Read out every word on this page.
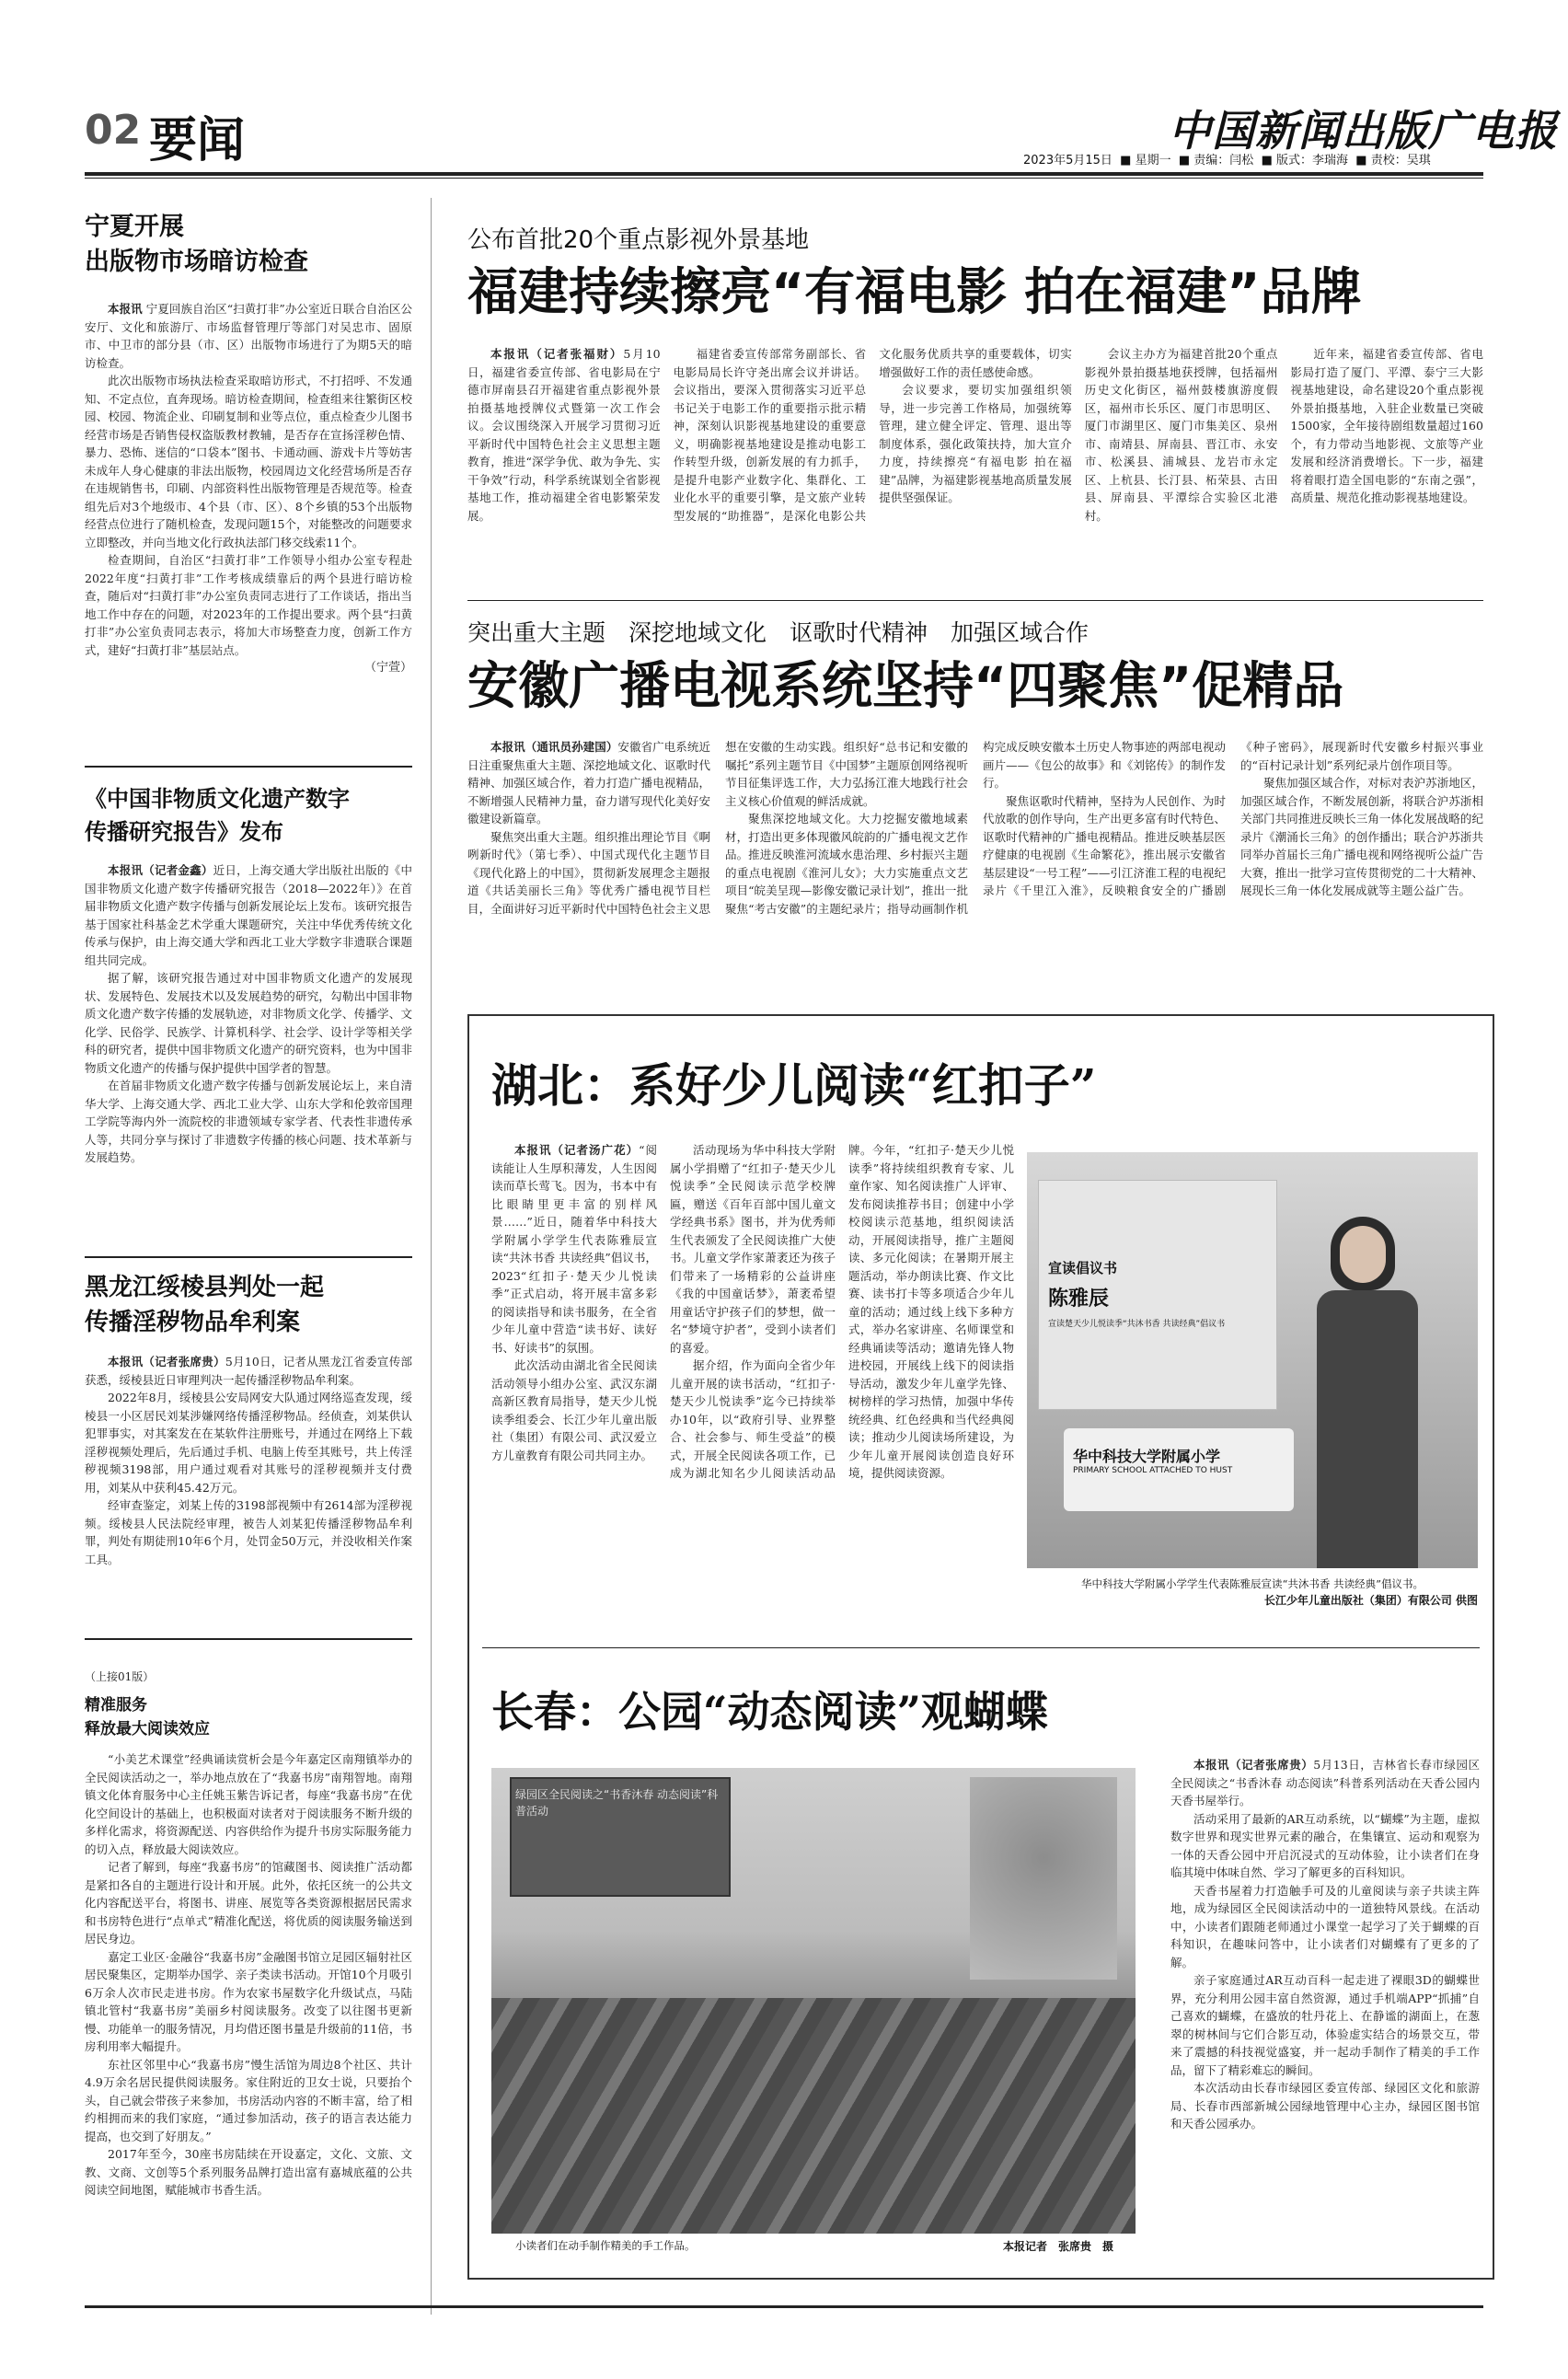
02 要闻	中国新闻出版广电报
2023年5月15日  ■ 星期一  ■ 责编：闫松  ■ 版式：李瑞海  ■ 责校：吴琪
宁夏开展
出版物市场暗访检查

本报讯 宁夏回族自治区“扫黄打非”办公室近日联合自治区公安厅、文化和旅游厅、市场监督管理厅等部门对吴忠市、固原市、中卫市的部分县（市、区）出版物市场进行了为期5天的暗访检查。

此次出版物市场执法检查采取暗访形式，不打招呼、不发通知、不定点位，直奔现场。暗访检查期间，检查组来往繁街区校园、校园、物流企业、印刷复制和业等点位，重点检查少儿图书经营市场是否销售侵权盗版教材教辅，是否存在宣扬淫秽色情、暴力、恐怖、迷信的“口袋本”图书、卡通动画、游戏卡片等妨害未成年人身心健康的非法出版物，校园周边文化经营场所是否存在违规销售书，印刷、内部资料性出版物管理是否规范等。检查组先后对3个地级市、4个县（市、区）、8个乡镇的53个出版物经营点位进行了随机检查，发现问题15个，对能整改的问题要求立即整改，并向当地文化行政执法部门移交线索11个。

检查期间，自治区“扫黄打非”工作领导小组办公室专程赴2022年度“扫黄打非”工作考核成绩靠后的两个县进行暗访检查，随后对“扫黄打非”办公室负责同志进行了工作谈话，指出当地工作中存在的问题，对2023年的工作提出要求。两个县“扫黄打非”办公室负责同志表示，将加大市场整查力度，创新工作方式，建好“扫黄打非”基层站点。

（宁萱）
《中国非物质文化遗产数字
传播研究报告》发布

本报讯（记者金鑫）近日，上海交通大学出版社出版的《中国非物质文化遗产数字传播研究报告（2018—2022年）》在首届非物质文化遗产数字传播与创新发展论坛上发布。该研究报告基于国家社科基金艺术学重大课题研究，关注中华优秀传统文化传承与保护，由上海交通大学和西北工业大学数字非遗联合课题组共同完成。

据了解，该研究报告通过对中国非物质文化遗产的发展现状、发展特色、发展技术以及发展趋势的研究，勾勒出中国非物质文化遗产数字传播的发展轨迹，对非物质文化学、传播学、文化学、民俗学、民族学、计算机科学、社会学、设计学等相关学科的研究者，提供中国非物质文化遗产的研究资料，也为中国非物质文化遗产的传播与保护提供中国学者的智慧。

在首届非物质文化遗产数字传播与创新发展论坛上，来自清华大学、上海交通大学、西北工业大学、山东大学和伦敦帝国理工学院等海内外一流院校的非遗领域专家学者、代表性非遗传承人等，共同分享与探讨了非遗数字传播的核心问题、技术革新与发展趋势。

黑龙江绥棱县判处一起
传播淫秽物品牟利案

本报讯（记者张席贵）5月10日，记者从黑龙江省委宣传部获悉，绥棱县近日审理判决一起传播淫秽物品牟利案。

2022年8月，绥棱县公安局网安大队通过网络巡查发现，绥棱县一小区居民刘某涉嫌网络传播淫秽物品。经侦查，刘某供认犯罪事实，对其案发在在某软件注册账号，并通过在网络上下载淫秽视频处理后，先后通过手机、电脑上传至其账号，共上传淫秽视频3198部，用户通过观看对其账号的淫秽视频并支付费用，刘某从中获利45.42万元。

经审查鉴定，刘某上传的3198部视频中有2614部为淫秽视频。绥棱县人民法院经审理，被告人刘某犯传播淫秽物品牟利罪，判处有期徒刑10年6个月，处罚金50万元，并没收相关作案工具。

（上接01版）
精准服务
释放最大阅读效应

“小美艺术课堂”经典诵读赏析会是今年嘉定区南翔镇举办的全民阅读活动之一，举办地点放在了“我嘉书房”南翔智地。南翔镇文化体育服务中心主任姚玉紫告诉记者，每座“我嘉书房”在优化空间设计的基础上，也积极面对读者对于阅读服务不断升级的多样化需求，将资源配送、内容供给作为提升书房实际服务能力的切入点，释放最大阅读效应。

记者了解到，每座“我嘉书房”的馆藏图书、阅读推广活动都是紧扣各自的主题进行设计和开展。此外，依托区统一的公共文化内容配送平台，将图书、讲座、展览等各类资源根据居民需求和书房特色进行“点单式”精准化配送，将优质的阅读服务输送到居民身边。

嘉定工业区·金融谷“我嘉书房”金融图书馆立足园区辐射社区居民聚集区，定期举办国学、亲子类读书活动。开馆10个月吸引6万余人次市民走进书房。作为农家书屋数字化升级试点，马陆镇北管村“我嘉书房”美丽乡村阅读服务。改变了以往图书更新慢、功能单一的服务情况，月均借还图书量是升级前的11倍，书房利用率大幅提升。

东社区邻里中心“我嘉书房”慢生活馆为周边8个社区、共计4.9万余名居民提供阅读服务。家住附近的卫女士说，只要抬个头，自己就会带孩子来参加，书房活动内容的不断丰富，给了相约相拥而来的我们家庭，“通过参加活动，孩子的语言表达能力提高，也交到了好朋友。”

2017年至今，30座书房陆续在开设嘉定，文化、文旅、文教、文商、文创等5个系列服务品牌打造出富有嘉城底蕴的公共阅读空间地图，赋能城市书香生活。

公布首批20个重点影视外景基地
福建持续擦亮“有福电影 拍在福建”品牌

本报讯（记者张福财）5月10日，福建省委宣传部、省电影局在宁德市屏南县召开福建省重点影视外景拍摄基地授牌仪式暨第一次工作会议。会议围绕深入开展学习贯彻习近平新时代中国特色社会主义思想主题教育，推进“深学争优、敢为争先、实干争效”行动，科学系统谋划全省影视基地工作，推动福建全省电影繁荣发展。

福建省委宣传部常务副部长、省电影局局长许守尧出席会议并讲话。会议指出，要深入贯彻落实习近平总书记关于电影工作的重要指示批示精神，深刻认识影视基地建设的重要意义，明确影视基地建设是推动电影工作转型升级，创新发展的有力抓手，是提升电影产业数字化、集群化、工业化水平的重要引擎，是文旅产业转型发展的“助推器”，是深化电影公共文化服务优质共享的重要载体，切实增强做好工作的责任感使命感。

会议要求，要切实加强组织领导，进一步完善工作格局，加强统筹管理，建立健全评定、管理、退出等制度体系，强化政策扶持，加大宣介力度，持续擦亮“有福电影 拍在福建”品牌，为福建影视基地高质量发展提供坚强保证。

会议主办方为福建首批20个重点影视外景拍摄基地获授牌，包括福州历史文化街区，福州鼓楼旗游度假区，福州市长乐区、厦门市思明区、厦门市湖里区、厦门市集美区、泉州市、南靖县、屏南县、晋江市、永安市、松溪县、浦城县、龙岩市永定区、上杭县、长汀县、柘荣县、古田县、屏南县、平潭综合实验区北港村。

近年来，福建省委宣传部、省电影局打造了厦门、平潭、泰宁三大影视基地建设，命名建设20个重点影视外景拍摄基地，入驻企业数量已突破1500家，全年接待剧组数量超过160个，有力带动当地影视、文旅等产业发展和经济消费增长。下一步，福建将着眼打造全国电影的“东南之强”，高质量、规范化推动影视基地建设。

突出重大主题　深挖地域文化　讴歌时代精神　加强区域合作
安徽广播电视系统坚持“四聚焦”促精品

本报讯（通讯员孙建国）安徽省广电系统近日注重聚焦重大主题、深挖地域文化、讴歌时代精神、加强区域合作，着力打造广播电视精品，不断增强人民精神力量，奋力谱写现代化美好安徽建设新篇章。

聚焦突出重大主题。组织推出理论节目《啊咧新时代》（第七季）、中国式现代化主题节目《现代化路上的中国》，贯彻新发展理念主题报道《共话美丽长三角》等优秀广播电视节目栏目，全面讲好习近平新时代中国特色社会主义思想在安徽的生动实践。组织好“总书记和安徽的嘱托”系列主题节目《中国梦”主题原创网络视听节目征集评选工作，大力弘扬江淮大地践行社会主义核心价值观的鲜活成就。

聚焦深挖地域文化。大力挖掘安徽地域素材，打造出更多体现徽风皖韵的广播电视文艺作品。推进反映淮河流域水患治理、乡村振兴主题的重点电视剧《淮河儿女》；大力实施重点文艺项目“皖美呈现—影像安徽记录计划”，推出一批聚焦“考古安徽”的主题纪录片；指导动画制作机构完成反映安徽本土历史人物事迹的两部电视动画片——《包公的故事》和《刘铭传》的制作发行。

聚焦讴歌时代精神，坚持为人民创作、为时代放歌的创作导向，生产出更多富有时代特色、讴歌时代精神的广播电视精品。推进反映基层医疗健康的电视剧《生命繁花》，推出展示安徽省基层建设“一号工程”——引江济淮工程的电视纪录片《千里江入淮》，反映粮食安全的广播剧《种子密码》，展现新时代安徽乡村振兴事业的“百村记录计划”系列纪录片创作项目等。

聚焦加强区域合作，对标对表沪苏浙地区，加强区域合作，不断发展创新，将联合沪苏浙相关部门共同推进反映长三角一体化发展战略的纪录片《潮涌长三角》的创作播出；联合沪苏浙共同举办首届长三角广播电视和网络视听公益广告大赛，推出一批学习宣传贯彻党的二十大精神、展现长三角一体化发展成就等主题公益广告。

湖北：系好少儿阅读“红扣子”

本报讯（记者汤广花）“阅读能让人生厚积薄发，人生因阅读而草长莺飞。因为，书本中有比眼睛里更丰富的别样风景……”近日，随着华中科技大学附属小学学生代表陈雅辰宣读“共沐书香 共读经典”倡议书，2023“红扣子·楚天少儿悦读季”正式启动，将开展丰富多彩的阅读指导和读书服务，在全省少年儿童中营造“读书好、读好书、好读书”的氛围。

此次活动由湖北省全民阅读活动领导小组办公室、武汉东湖高新区教育局指导，楚天少儿悦读季组委会、长江少年儿童出版社（集团）有限公司、武汉爱立方儿童教育有限公司共同主办。

活动现场为华中科技大学附属小学捐赠了“红扣子·楚天少儿悦读季”全民阅读示范学校牌匾，赠送《百年百部中国儿童文学经典书系》图书，并为优秀师生代表颁发了全民阅读推广大使书。儿童文学作家萧袤还为孩子们带来了一场精彩的公益讲座《我的中国童话梦》，萧袤希望用童话守护孩子们的梦想，做一名“梦境守护者”，受到小读者们的喜爱。

据介绍，作为面向全省少年儿童开展的读书活动，“红扣子·楚天少儿悦读季”迄今已持续举办10年，以“政府引导、业界整合、社会参与、师生受益”的模式，开展全民阅读各项工作，已成为湖北知名少儿阅读活动品牌。今年，“红扣子·楚天少儿悦读季”将持续组织教育专家、儿童作家、知名阅读推广人评审、发布阅读推荐书目；创建中小学校阅读示范基地，组织阅读活动，开展阅读指导，推广主题阅读、多元化阅读；在暑期开展主题活动，举办朗读比赛、作文比赛、读书打卡等多项适合少年儿童的活动；通过线上线下多种方式，举办名家讲座、名师课堂和经典诵读等活动；邀请先锋人物进校园，开展线上线下的阅读指导活动，激发少年儿童学先锋、树榜样的学习热情，加强中华传统经典、红色经典和当代经典阅读；推动少儿阅读场所建设，为少年儿童开展阅读创造良好环境，提供阅读资源。

宣读倡议书
陈雅辰
宣读楚天少儿悦读季“共沐书香 共读经典”倡议书
华中科技大学附属小学
PRIMARY SCHOOL ATTACHED TO HUST
华中科技大学附属小学学生代表陈雅辰宣读“共沐书香 共读经典”倡议书。
长江少年儿童出版社（集团）有限公司 供图
长春：公园“动态阅读”观蝴蝶
绿园区全民阅读之“书香沐春 动态阅读”科普活动
小读者们在动手制作精美的手工作品。	本报记者　张席贵　摄

本报讯（记者张席贵）5月13日，吉林省长春市绿园区全民阅读之“书香沐春 动态阅读”科普系列活动在天香公园内天香书屋举行。

活动采用了最新的AR互动系统，以“蝴蝶”为主题，虚拟数字世界和现实世界元素的融合，在集镶宣、运动和观察为一体的天香公园中开启沉浸式的互动体验，让小读者们在身临其境中体味自然、学习了解更多的百科知识。

天香书屋着力打造触手可及的儿童阅读与亲子共读主阵地，成为绿园区全民阅读活动中的一道独特风景线。在活动中，小读者们跟随老师通过小课堂一起学习了关于蝴蝶的百科知识，在趣味问答中，让小读者们对蝴蝶有了更多的了解。

亲子家庭通过AR互动百科一起走进了裸眼3D的蝴蝶世界，充分利用公园丰富自然资源，通过手机端APP“抓捕”自己喜欢的蝴蝶，在盛放的牡丹花上、在静谧的湖面上，在葱翠的树林间与它们合影互动，体验虚实结合的场景交互，带来了震撼的科技视觉盛宴，并一起动手制作了精美的手工作品，留下了精彩难忘的瞬间。

本次活动由长春市绿园区委宣传部、绿园区文化和旅游局、长春市西部新城公园绿地管理中心主办，绿园区图书馆和天香公园承办。
